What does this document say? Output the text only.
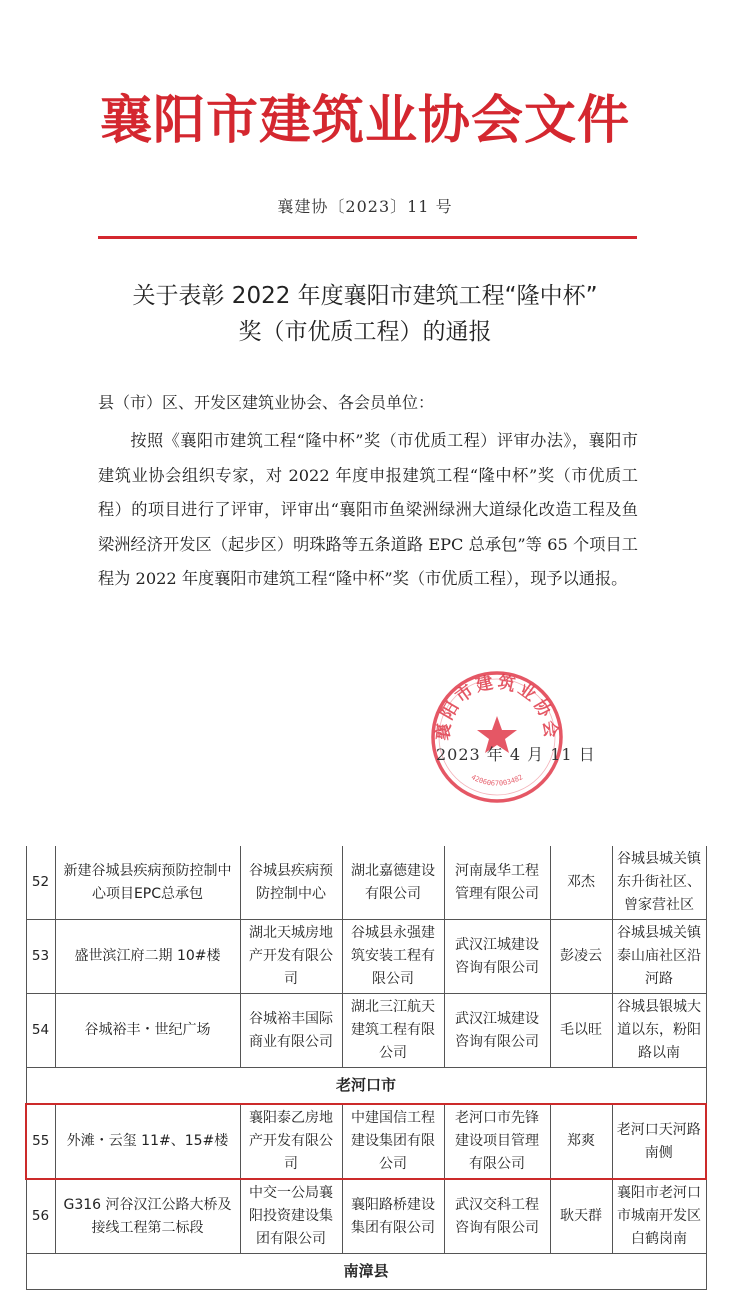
襄阳市建筑业协会文件
襄建协〔2023〕11 号
关于表彰 2022 年度襄阳市建筑工程“隆中杯”
奖（市优质工程）的通报
县（市）区、开发区建筑业协会、各会员单位：
按照《襄阳市建筑工程“隆中杯”奖（市优质工程）评审办法》，襄阳市建筑业协会组织专家，对 2022 年度申报建筑工程“隆中杯”奖（市优质工程）的项目进行了评审，评审出“襄阳市鱼梁洲绿洲大道绿化改造工程及鱼梁洲经济开发区（起步区）明珠路等五条道路 EPC 总承包”等 65 个项目工程为 2022 年度襄阳市建筑工程“隆中杯”奖（市优质工程），现予以通报。
襄阳市建筑业协会
4206067003482
2023 年 4 月 11 日
52	新建谷城县疾病预防控制中心项目EPC总承包	谷城县疾病预防控制中心	湖北嘉德建设有限公司	河南晟华工程管理有限公司	邓杰	谷城县城关镇东升街社区、曾家营社区
53	盛世滨江府二期 10#楼	湖北天城房地产开发有限公司	谷城县永强建筑安装工程有限公司	武汉江城建设咨询有限公司	彭凌云	谷城县城关镇泰山庙社区沿河路
54	谷城裕丰・世纪广场	谷城裕丰国际商业有限公司	湖北三江航天建筑工程有限公司	武汉江城建设咨询有限公司	毛以旺	谷城县银城大道以东，粉阳路以南
老河口市						
55	外滩・云玺 11#、15#楼	襄阳泰乙房地产开发有限公司	中建国信工程建设集团有限公司	老河口市先锋建设项目管理有限公司	郑爽	老河口天河路南侧
56	G316 河谷汉江公路大桥及接线工程第二标段	中交一公局襄阳投资建设集团有限公司	襄阳路桥建设集团有限公司	武汉交科工程咨询有限公司	耿天群	襄阳市老河口市城南开发区白鹤岗南
南漳县						
